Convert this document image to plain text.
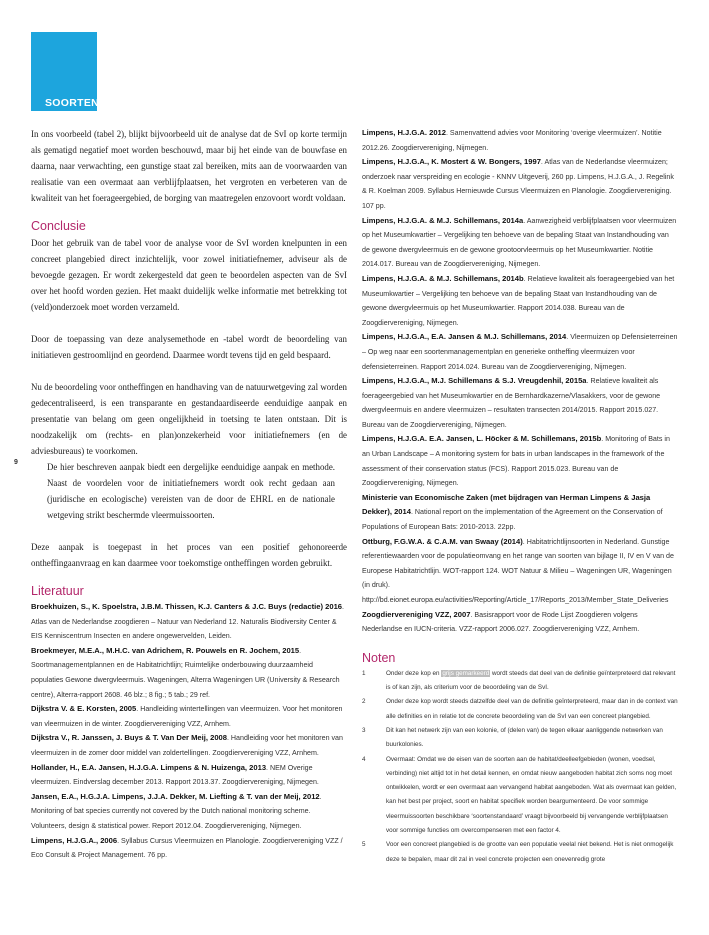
SOORTEN
9

In ons voorbeeld (tabel 2), blijkt bijvoorbeeld uit de analyse dat de SvI op korte termijn als gematigd negatief moet worden beschouwd, maar bij het einde van de bouwfase en daarna, naar verwachting, een gunstige staat zal bereiken, mits aan de voorwaarden van realisatie van een overmaat aan verblijfplaatsen, het vergroten en verbeteren van de kwaliteit van het foerageergebied, de borging van maatregelen enzovoort wordt voldaan.

Conclusie

Door het gebruik van de tabel voor de analyse voor de SvI worden knelpunten in een concreet plangebied direct inzichtelijk, voor zowel initiatiefnemer, adviseur als de bevoegde gezagen. Er wordt zekergesteld dat geen te beoordelen aspecten van de SvI over het hoofd worden gezien. Het maakt duidelijk welke informatie met betrekking tot (veld)onderzoek moet worden verzameld.

Door de toepassing van deze analysemethode en -tabel wordt de beoordeling van initiatieven gestroomlijnd en geordend. Daarmee wordt tevens tijd en geld bespaard.

Nu de beoordeling voor ontheffingen en handhaving van de natuurwetgeving zal worden gedecentraliseerd, is een transparante en gestandaardiseerde eenduidige aanpak en presentatie van belang om geen ongelijkheid in toetsing te laten ontstaan. Dit is noodzakelijk om (rechts- en plan)onzekerheid voor initiatiefnemers (en de adviesbureaus) te voorkomen.

De hier beschreven aanpak biedt een dergelijke eenduidige aanpak en methode. Naast de voordelen voor de initiatiefnemers wordt ook recht gedaan aan (juridische en ecologische) vereisten van de door de EHRL en de nationale wetgeving strikt beschermde vleermuissoorten.

Deze aanpak is toegepast in het proces van een positief gehonoreerde ontheffingaanvraag en kan daarmee voor toekomstige ontheffingen worden gebruikt.

Literatuur

Broekhuizen, S., K. Spoelstra, J.B.M. Thissen, K.J. Canters & J.C. Buys (redactie) 2016. Atlas van de Nederlandse zoogdieren – Natuur van Nederland 12. Naturalis Biodiversity Center & EIS Kenniscentrum Insecten en andere ongewervelden, Leiden.

Broekmeyer, M.E.A., M.H.C. van Adrichem, R. Pouwels en R. Jochem, 2015. Soortmanagementplannen en de Habitatrichtlijn; Ruimtelijke onderbouwing duurzaamheid populaties Gewone dwergvleermuis. Wageningen, Alterra Wageningen UR (University & Research centre), Alterra-rapport 2608. 46 blz.; 8 fig.; 5 tab.; 29 ref.

Dijkstra V. & E. Korsten, 2005. Handleiding wintertellingen van vleermuizen. Voor het monitoren van vleermuizen in de winter. Zoogdiervereniging VZZ, Arnhem.

Dijkstra V., R. Janssen, J. Buys & T. Van Der Meij, 2008. Handleiding voor het monitoren van vleermuizen in de zomer door middel van zoldertellingen. Zoogdiervereniging VZZ, Arnhem.

Hollander, H., E.A. Jansen, H.J.G.A. Limpens & N. Huizenga, 2013. NEM Overige vleermuizen. Eindverslag december 2013. Rapport 2013.37. Zoogdiervereniging, Nijmegen.

Jansen, E.A., H.G.J.A. Limpens, J.J.A. Dekker, M. Liefting & T. van der Meij, 2012. Monitoring of bat species currently not covered by the Dutch national monitoring scheme. Volunteers, design & statistical power. Report 2012.04. Zoogdiervereniging, Nijmegen.

Limpens, H.J.G.A., 2006. Syllabus Cursus Vleermuizen en Planologie. Zoogdiervereniging VZZ / Eco Consult & Project Management. 76 pp.

Limpens, H.J.G.A. 2012. Samenvattend advies voor Monitoring ‘overige vleermuizen’. Notitie 2012.26. Zoogdiervereniging, Nijmegen.

Limpens, H.J.G.A., K. Mostert & W. Bongers, 1997. Atlas van de Nederlandse vleermuizen; onderzoek naar verspreiding en ecologie - KNNV Uitgeverij, 260 pp. Limpens, H.J.G.A., J. Regelink & R. Koelman 2009. Syllabus Hernieuwde Cursus Vleermuizen en Planologie. Zoogdiervereniging. 107 pp.

Limpens, H.J.G.A. & M.J. Schillemans, 2014a. Aanwezigheid verblijfplaatsen voor vleermuizen op het Museumkwartier – Vergelijking ten behoeve van de bepaling Staat van Instandhouding van de gewone dwergvleermuis en de gewone grootoorvleermuis op het Museumkwartier. Notitie 2014.017. Bureau van de Zoogdiervereniging, Nijmegen.

Limpens, H.J.G.A. & M.J. Schillemans, 2014b. Relatieve kwaliteit als foerageergebied van het Museumkwartier – Vergelijking ten behoeve van de bepaling Staat van Instandhouding van de gewone dwergvleermuis op het Museumkwartier. Rapport 2014.038. Bureau van de Zoogdiervereniging, Nijmegen.

Limpens, H.J.G.A., E.A. Jansen & M.J. Schillemans, 2014. Vleermuizen op Defensieterreinen – Op weg naar een soortenmanagementplan en generieke ontheffing vleermuizen voor defensieterreinen. Rapport 2014.024. Bureau van de Zoogdiervereniging, Nijmegen.

Limpens, H.J.G.A., M.J. Schillemans & S.J. Vreugdenhil, 2015a. Relatieve kwaliteit als foerageergebied van het Museumkwartier en de Bernhardkazerne/Vlasakkers, voor de gewone dwergvleermuis en andere vleermuizen – resultaten transecten 2014/2015. Rapport 2015.027. Bureau van de Zoogdiervereniging, Nijmegen.

Limpens, H.J.G.A. E.A. Jansen, L. Höcker & M. Schillemans, 2015b. Monitoring of Bats in an Urban Landscape – A monitoring system for bats in urban landscapes in the framework of the assessment of their conservation status (FCS). Rapport 2015.023. Bureau van de Zoogdiervereniging, Nijmegen.

Ministerie van Economische Zaken (met bijdragen van Herman Limpens & Jasja Dekker), 2014. National report on the implementation of the Agreement on the Conservation of Populations of European Bats: 2010-2013. 22pp.

Ottburg, F.G.W.A. & C.A.M. van Swaay (2014). Habitatrichtlijnsoorten in Nederland. Gunstige referentiewaarden voor de populatieomvang en het range van soorten van bijlage II, IV en V van de Europese Habitatrichtlijn. WOT-rapport 124. WOT Natuur & Milieu – Wageningen UR, Wageningen (in druk). http://bd.eionet.europa.eu/activities/Reporting/Article_17/Reports_2013/Member_State_Deliveries

Zoogdiervereniging VZZ, 2007. Basisrapport voor de Rode Lijst Zoogdieren volgens Nederlandse en IUCN-criteria. VZZ-rapport 2006.027. Zoogdiervereniging VZZ, Arnhem.

Noten
1	Onder deze kop en grijs gemarkeerd wordt steeds dat deel van de definitie geïnterpreteerd dat relevant is of kan zijn, als criterium voor de beoordeling van de SvI.
2	Onder deze kop wordt steeds datzelfde deel van de definitie geïnterpreteerd, maar dan in de context van alle definities en in relatie tot de concrete beoordeling van de SvI van een concreet plangebied.
3	Dit kan het netwerk zijn van een kolonie, of (delen van) de tegen elkaar aanliggende netwerken van buurkolonies.
4	Overmaat: Omdat we de eisen van de soorten aan de habitat/deelleefgebieden (wonen, voedsel, verbinding) niet altijd tot in het detail kennen, en omdat nieuw aangeboden habitat zich soms nog moet ontwikkelen, wordt er een overmaat aan vervangend habitat aangeboden. Wat als overmaat kan gelden, kan het best per project, soort en habitat specifiek worden beargumenteerd. De voor sommige vleermuissoorten beschikbare ‘soortenstandaard’ vraagt bijvoorbeeld bij vervangende verblijfplaatsen voor sommige functies om overcompenseren met een factor 4.
5	Voor een concreet plangebied is de grootte van een populatie veelal niet bekend. Het is niet onmogelijk deze te bepalen, maar dit zal in veel concrete projecten een onevenredig grote
